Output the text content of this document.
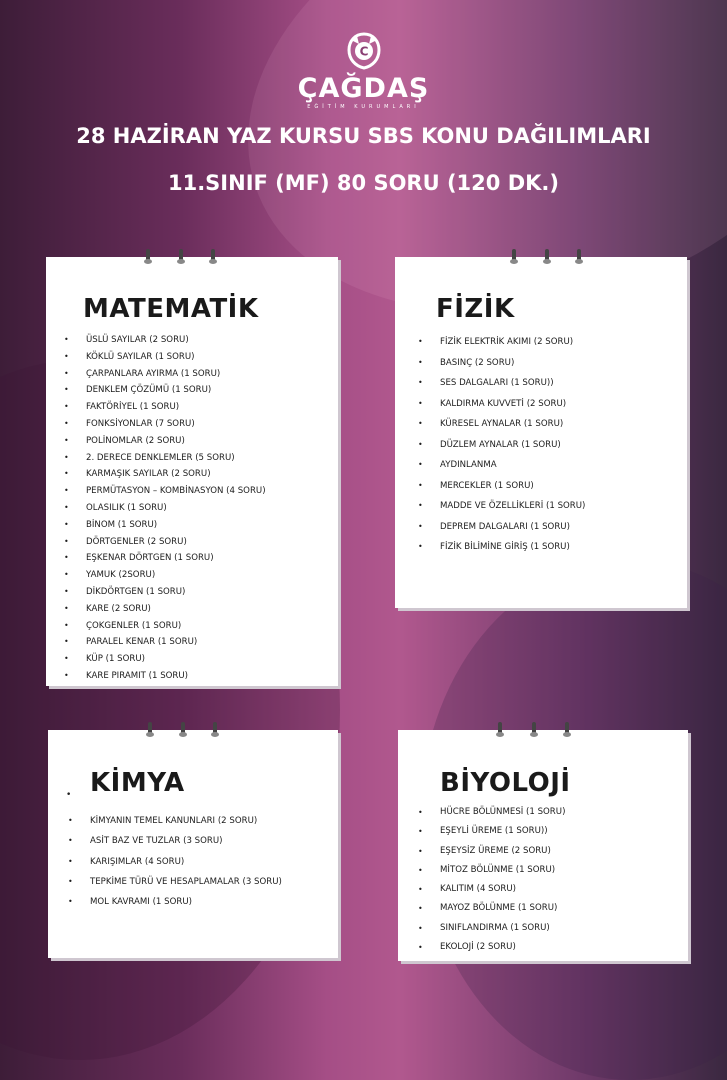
C
ÇAĞDAŞ
EĞİTİM KURUMLARI
28 HAZİRAN YAZ KURSU SBS KONU DAĞILIMLARI
11.SINIF (MF) 80 SORU (120 DK.)
MATEMATİK
• ÜSLÜ SAYILAR (2 SORU)
• KÖKLÜ SAYILAR (1 SORU)
• ÇARPANLARA AYIRMA (1 SORU)
• DENKLEM ÇÖZÜMÜ (1 SORU)
• FAKTÖRİYEL (1 SORU)
• FONKSİYONLAR (7 SORU)
• POLİNOMLAR (2 SORU)
• 2. DERECE DENKLEMLER (5 SORU)
• KARMAŞIK SAYILAR (2 SORU)
• PERMÜTASYON – KOMBİNASYON (4 SORU)
• OLASILIK (1 SORU)
• BİNOM (1 SORU)
• DÖRTGENLER (2 SORU)
• EŞKENAR DÖRTGEN (1 SORU)
• YAMUK (2SORU)
• DİKDÖRTGEN (1 SORU)
• KARE (2 SORU)
• ÇOKGENLER (1 SORU)
• PARALEL KENAR (1 SORU)
• KÜP (1 SORU)
• KARE PIRAMIT (1 SORU)
FİZİK
• FİZİK ELEKTRİK AKIMI (2 SORU)
• BASINÇ (2 SORU)
• SES DALGALARI (1 SORU))
• KALDIRMA KUVVETİ (2 SORU)
• KÜRESEL AYNALAR (1 SORU)
• DÜZLEM AYNALAR (1 SORU)
• AYDINLANMA
• MERCEKLER (1 SORU)
• MADDE VE ÖZELLİKLERİ (1 SORU)
• DEPREM DALGALARI (1 SORU)
• FİZİK BİLİMİNE GİRİŞ (1 SORU)
• KİMYA
• KİMYANIN TEMEL KANUNLARI (2 SORU)
• ASİT BAZ VE TUZLAR (3 SORU)
• KARIŞIMLAR (4 SORU)
• TEPKİME TÜRÜ VE HESAPLAMALAR (3 SORU)
• MOL KAVRAMI (1 SORU)
BİYOLOJİ
• HÜCRE BÖLÜNMESİ (1 SORU)
• EŞEYLİ ÜREME (1 SORU))
• EŞEYSİZ ÜREME (2 SORU)
• MİTOZ BÖLÜNME (1 SORU)
• KALITIM (4 SORU)
• MAYOZ BÖLÜNME (1 SORU)
• SINIFLANDIRMA (1 SORU)
• EKOLOJİ (2 SORU)
